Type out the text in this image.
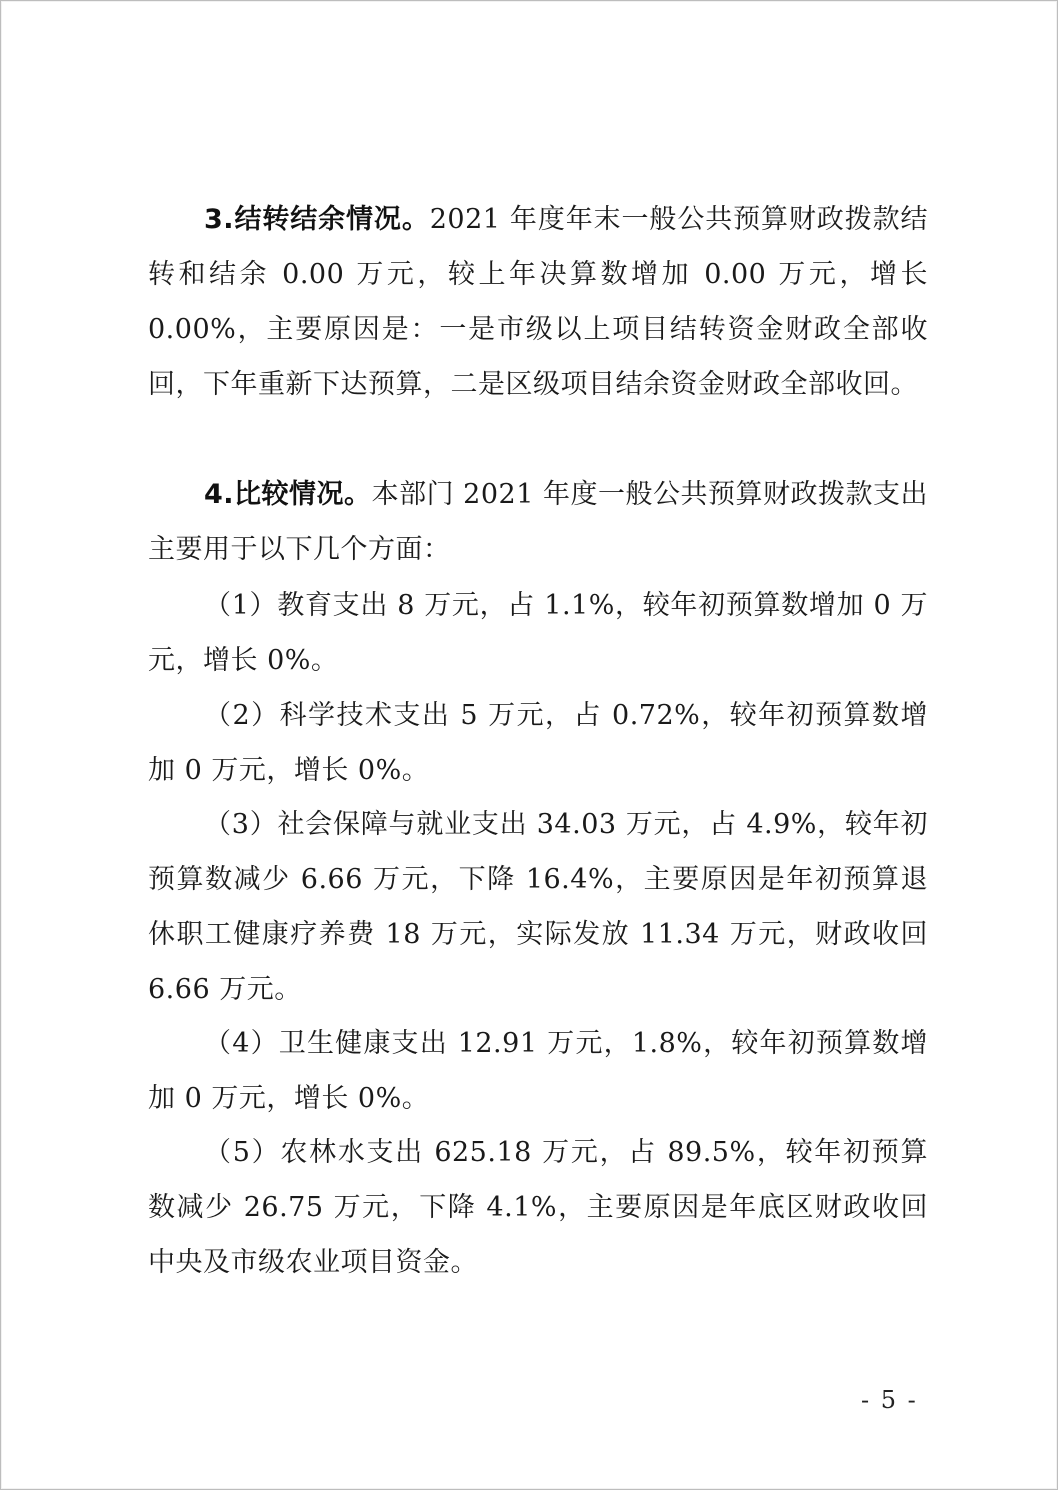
3.结转结余情况。2021 年度年末一般公共预算财政拨款结转和结余 0.00 万元，较上年决算数增加 0.00 万元，增长 0.00%，主要原因是：一是市级以上项目结转资金财政全部收回，下年重新下达预算，二是区级项目结余资金财政全部收回。

4.比较情况。本部门 2021 年度一般公共预算财政拨款支出主要用于以下几个方面：

（1）教育支出 8 万元，占 1.1%，较年初预算数增加 0 万元，增长 0%。

（2）科学技术支出 5 万元，占 0.72%，较年初预算数增加 0 万元，增长 0%。

（3）社会保障与就业支出 34.03 万元，占 4.9%，较年初预算数减少 6.66 万元，下降 16.4%，主要原因是年初预算退休职工健康疗养费 18 万元，实际发放 11.34 万元，财政收回 6.66 万元。

（4）卫生健康支出 12.91 万元，1.8%，较年初预算数增加 0 万元，增长 0%。

（5）农林水支出 625.18 万元，占 89.5%，较年初预算数减少 26.75 万元，下降 4.1%，主要原因是年底区财政收回中央及市级农业项目资金。

- 5 -
